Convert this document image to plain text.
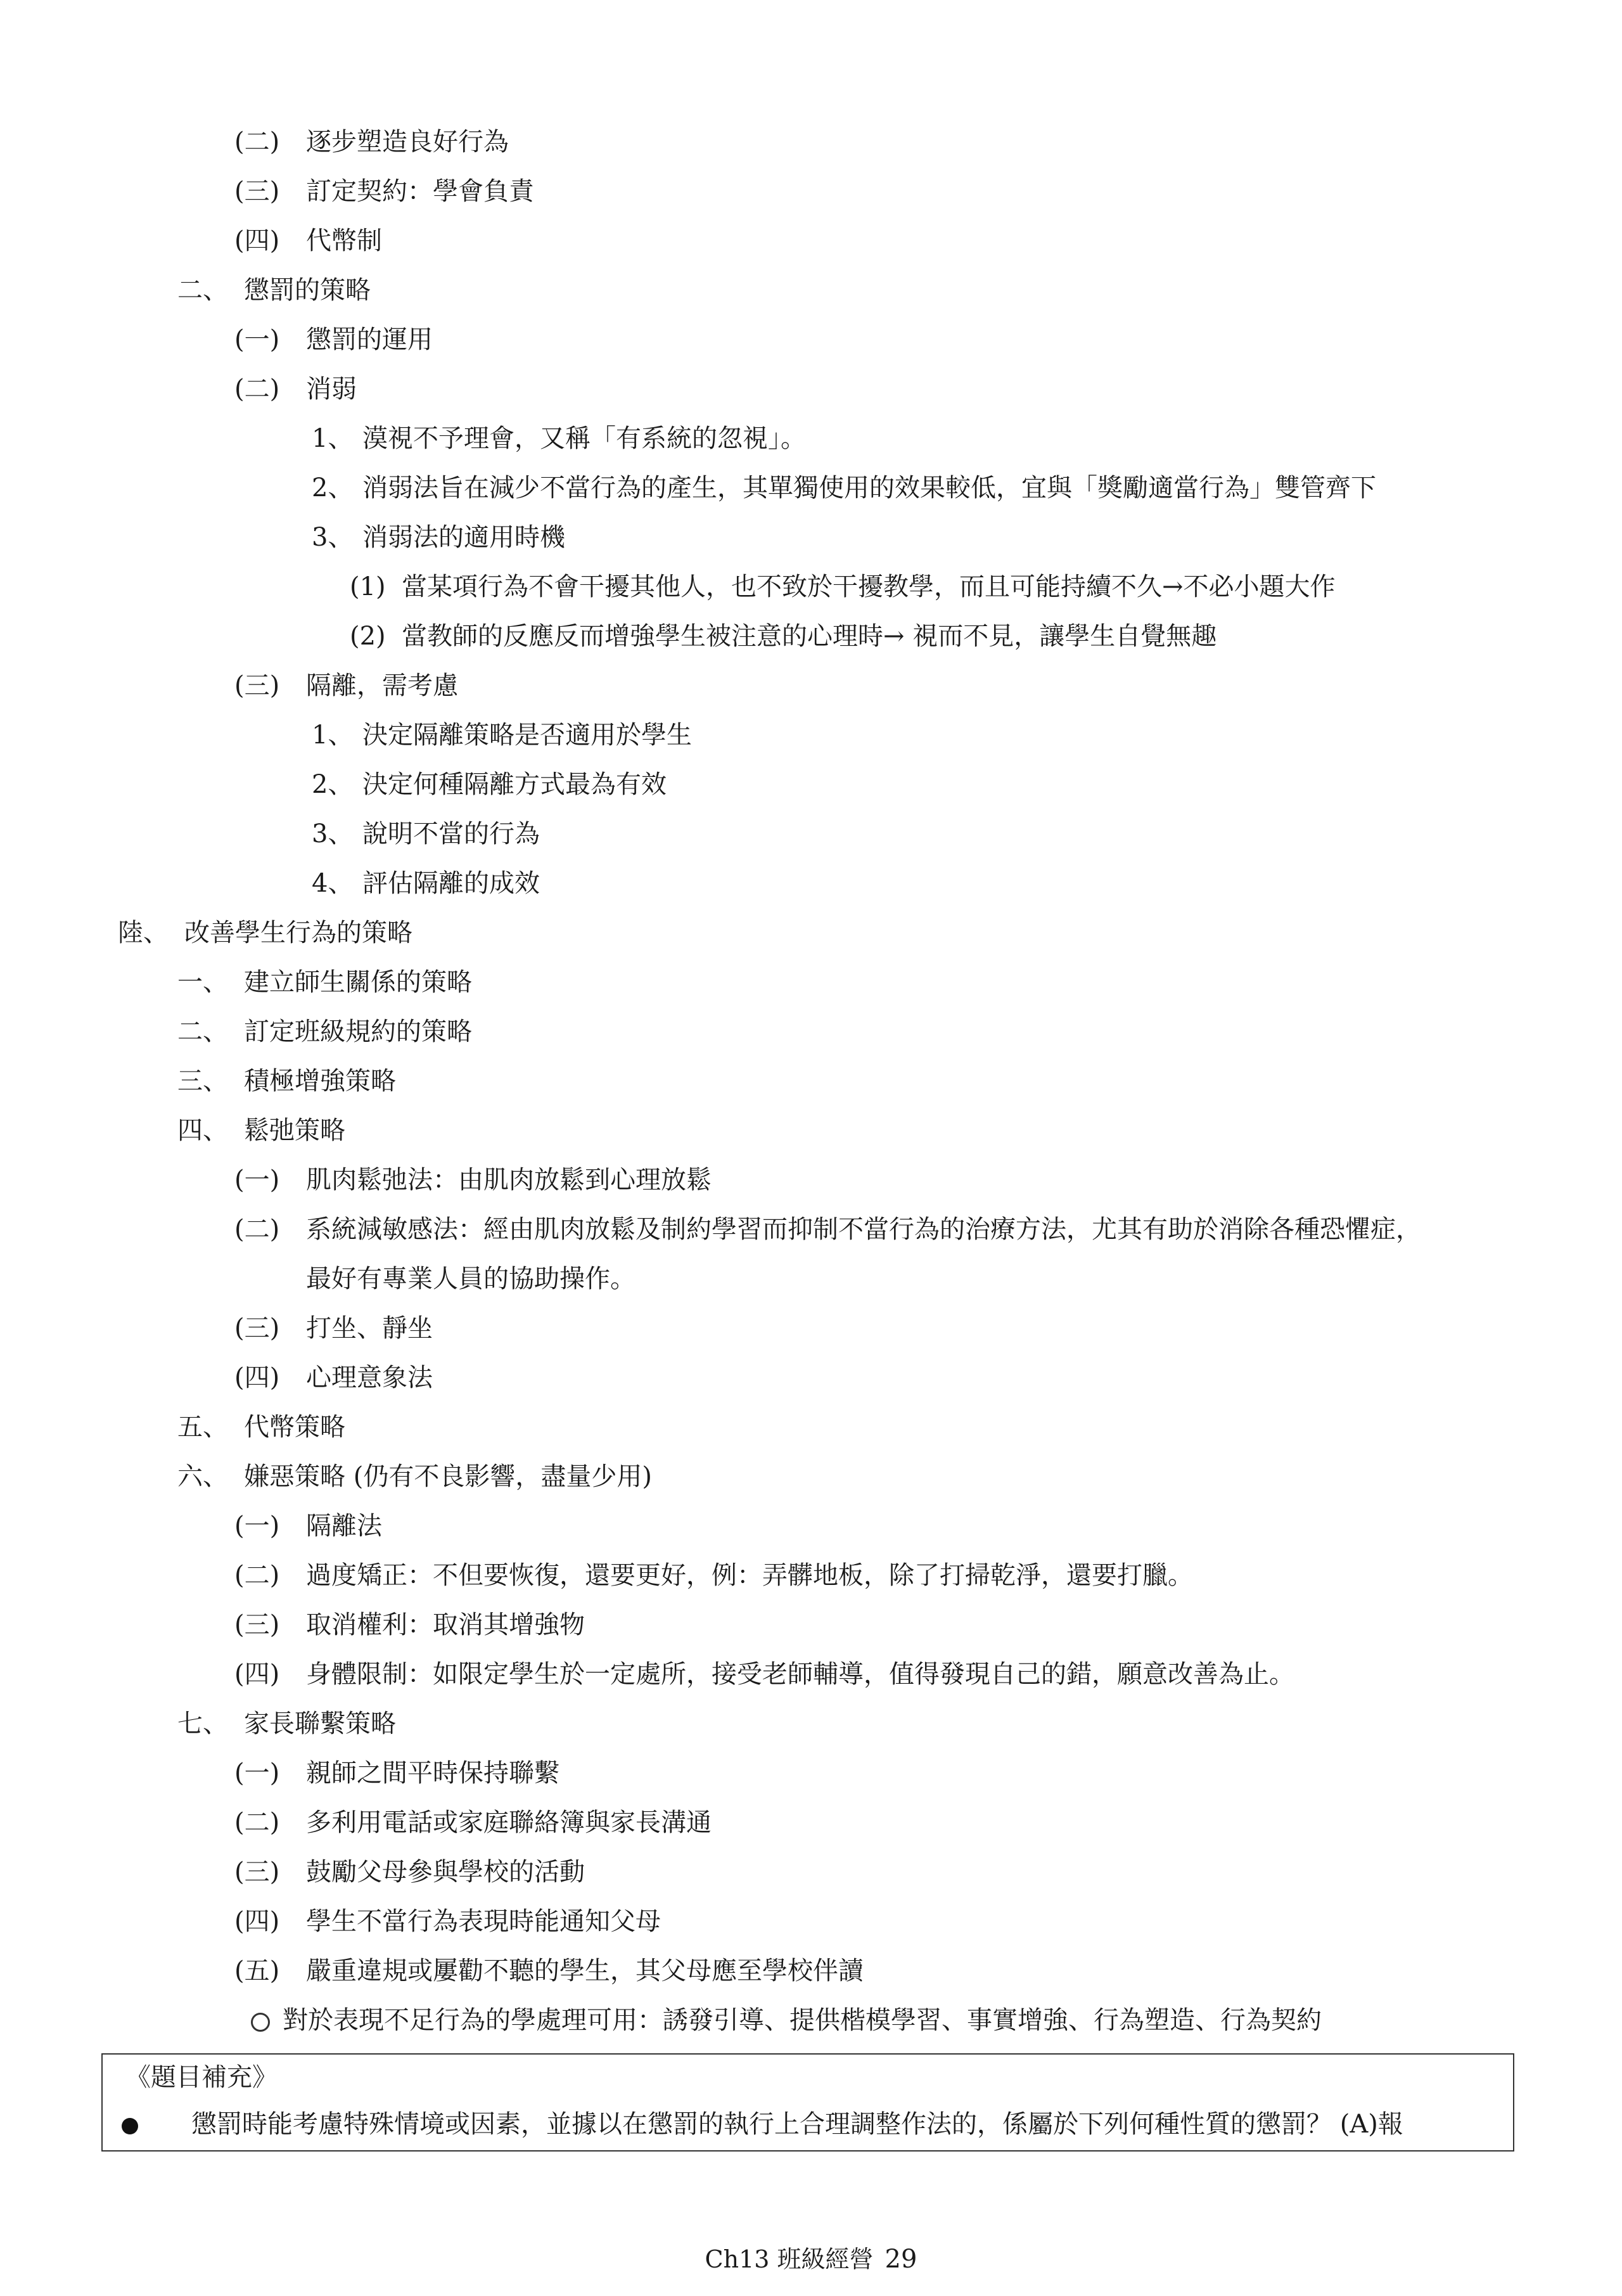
(二) 逐步塑造良好行為
(三) 訂定契約：學會負責
(四) 代幣制
二、 懲罰的策略
(一) 懲罰的運用
(二) 消弱
1、 漠視不予理會，又稱「有系統的忽視」。
2、 消弱法旨在減少不當行為的產生，其單獨使用的效果較低，宜與「獎勵適當行為」雙管齊下
3、 消弱法的適用時機
(1) 當某項行為不會干擾其他人，也不致於干擾教學，而且可能持續不久→不必小題大作
(2) 當教師的反應反而增強學生被注意的心理時→ 視而不見，讓學生自覺無趣
(三) 隔離，需考慮
1、 決定隔離策略是否適用於學生
2、 決定何種隔離方式最為有效
3、 說明不當的行為
4、 評估隔離的成效
陸、 改善學生行為的策略
一、 建立師生關係的策略
二、 訂定班級規約的策略
三、 積極增強策略
四、 鬆弛策略
(一) 肌肉鬆弛法：由肌肉放鬆到心理放鬆
(二) 系統減敏感法：經由肌肉放鬆及制約學習而抑制不當行為的治療方法，尤其有助於消除各種恐懼症，
最好有專業人員的協助操作。
(三) 打坐、靜坐
(四) 心理意象法
五、 代幣策略
六、 嫌惡策略 (仍有不良影響，盡量少用)
(一) 隔離法
(二) 過度矯正：不但要恢復，還要更好，例：弄髒地板，除了打掃乾淨，還要打臘。
(三) 取消權利：取消其增強物
(四) 身體限制：如限定學生於一定處所，接受老師輔導，值得發現自己的錯，願意改善為止。
七、 家長聯繫策略
(一) 親師之間平時保持聯繫
(二) 多利用電話或家庭聯絡簿與家長溝通
(三) 鼓勵父母參與學校的活動
(四) 學生不當行為表現時能通知父母
(五) 嚴重違規或屢勸不聽的學生，其父母應至學校伴讀
對於表現不足行為的學處理可用：誘發引導、提供楷模學習、事實增強、行為塑造、行為契約
《題目補充》
懲罰時能考慮特殊情境或因素，並據以在懲罰的執行上合理調整作法的，係屬於下列何種性質的懲罰？ (A)報
Ch13 班級經營 29
